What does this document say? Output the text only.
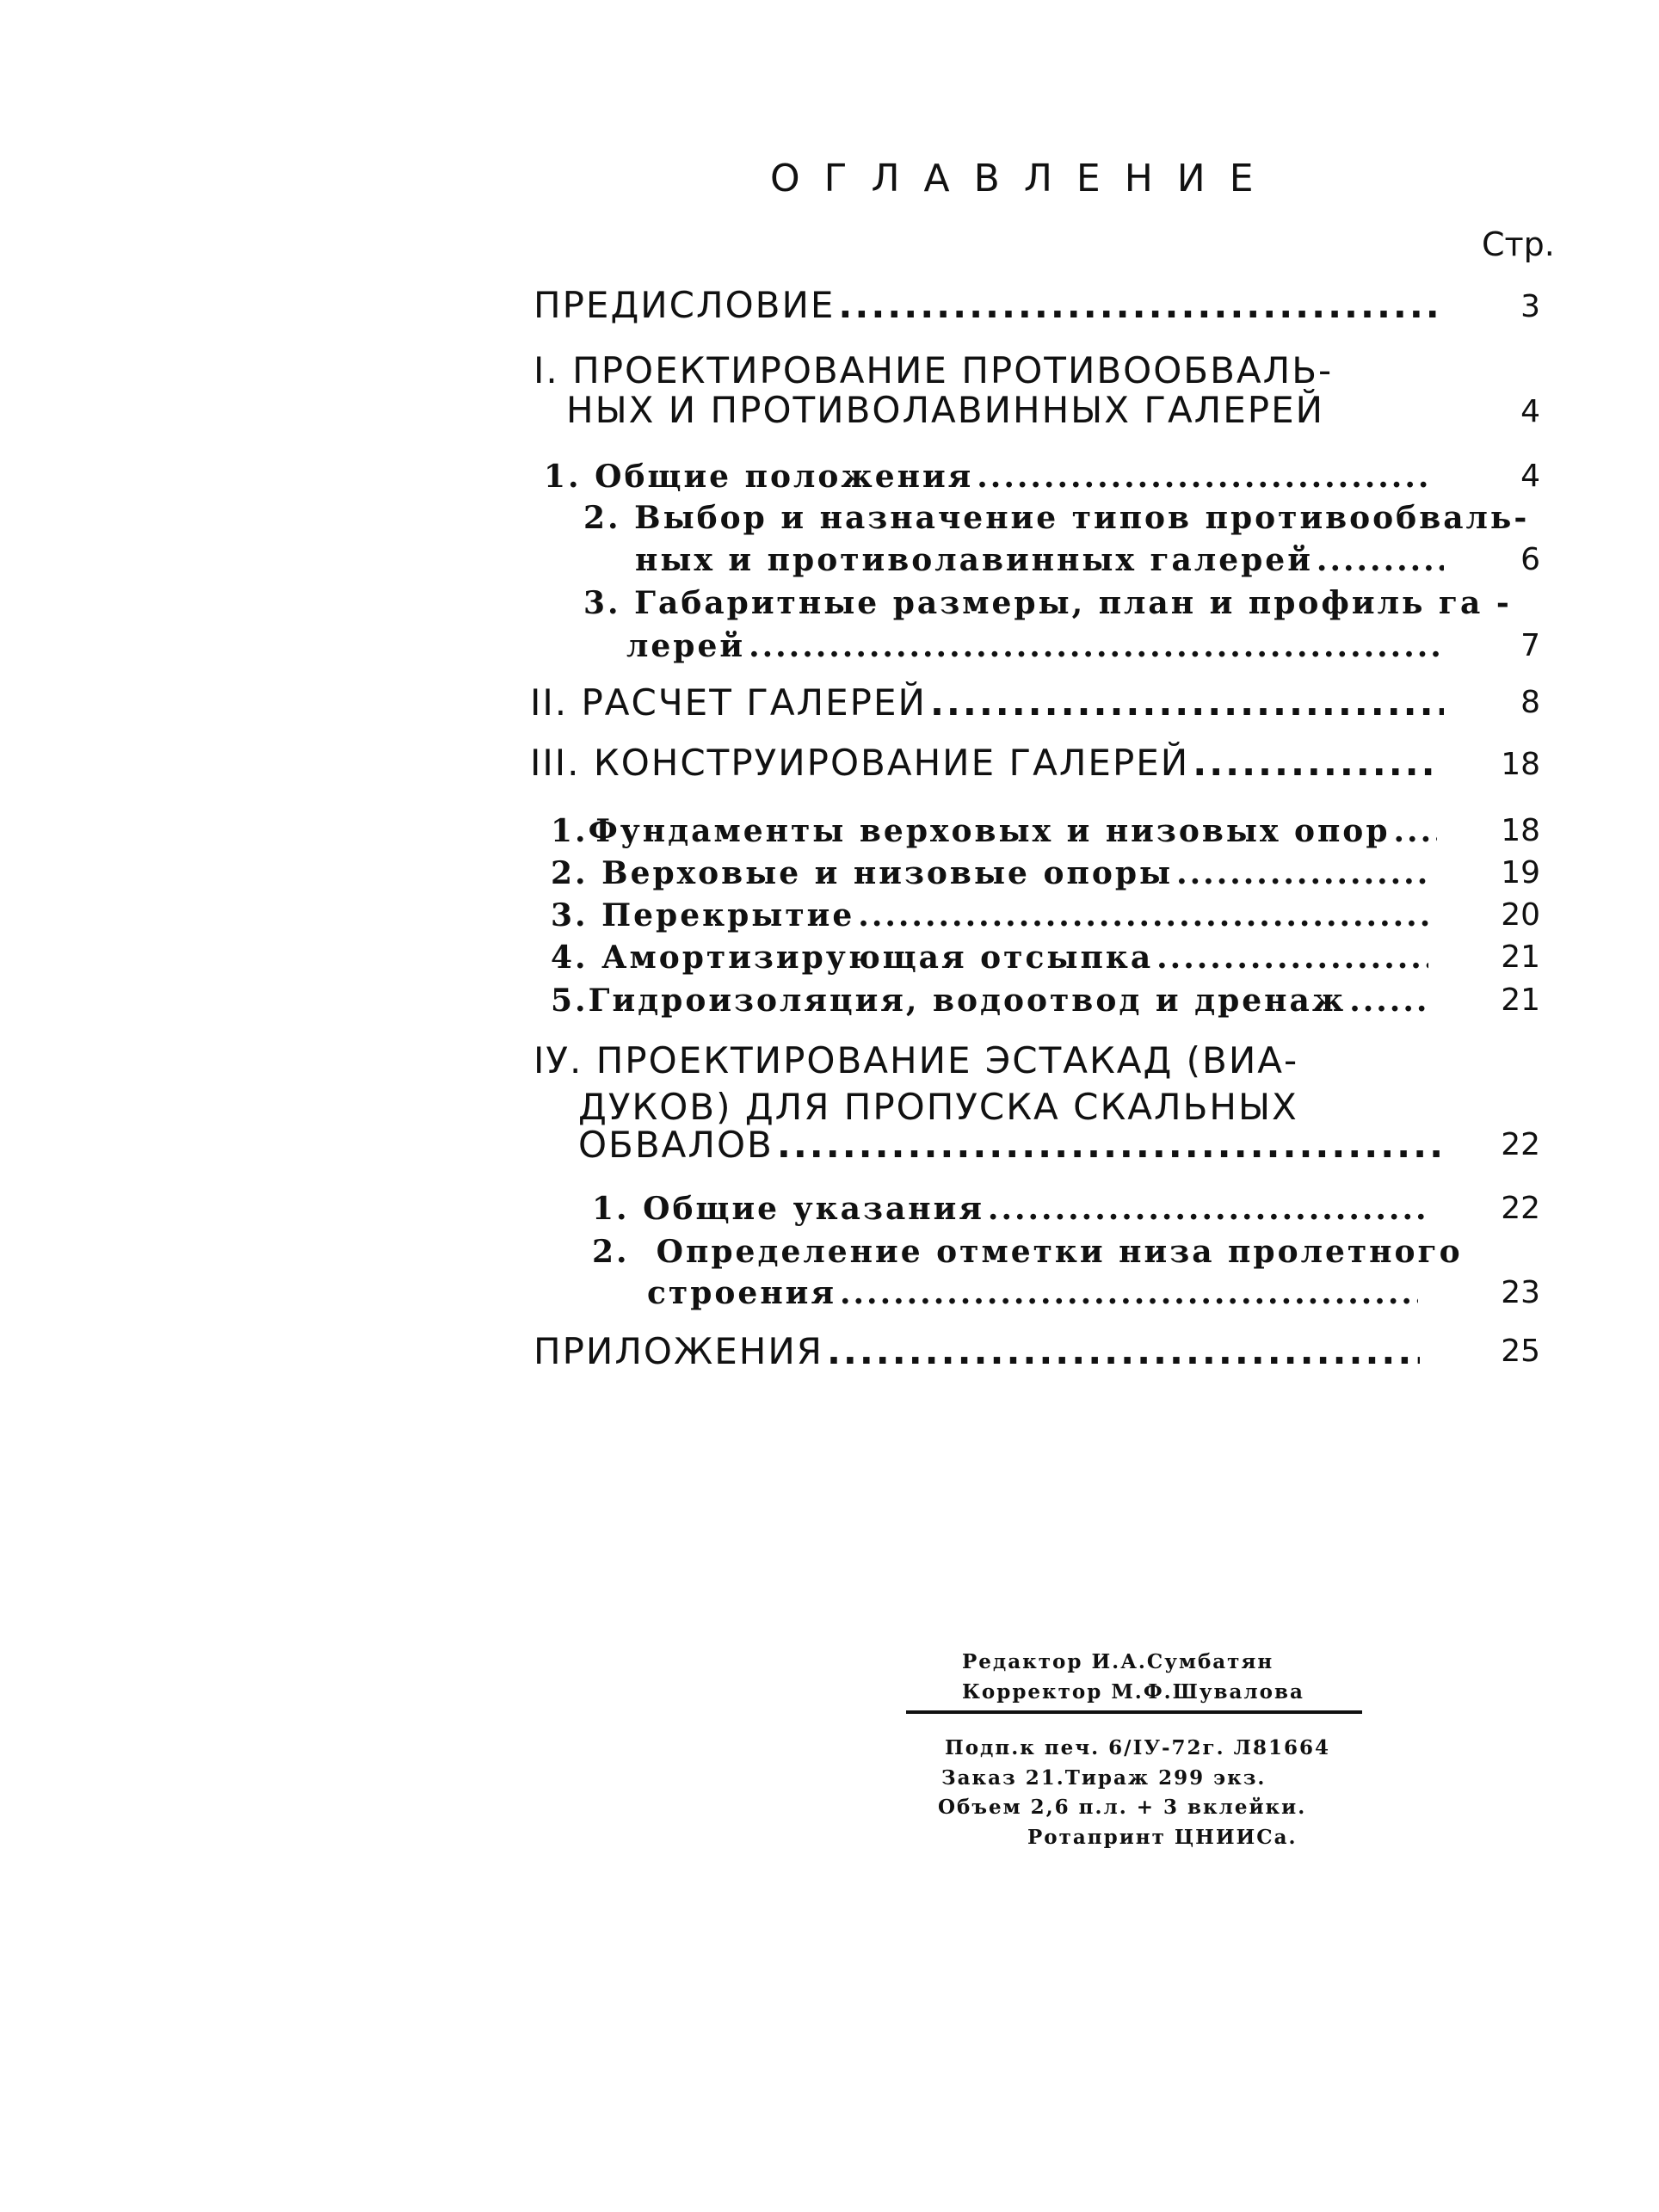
ОГЛАВЛЕНИЕ
Стр.
ПРЕДИСЛОВИЕ .....	3
I. ПРОЕКТИРОВАНИЕ ПРОТИВООБВАЛЬ-
НЫХ И ПРОТИВОЛАВИННЫХ ГАЛЕРЕЙ	4
1.
Общие положения .....	4
2. Выбор и назначение типов противообваль-
ных и противолавинных галерей .....	6
3. Габаритные размеры, план и профиль га -
лерей .....	7
II.
РАСЧЕТ ГАЛЕРЕЙ .....	8
III.
КОНСТРУИРОВАНИЕ ГАЛЕРЕЙ .....	18
1. Фундаменты верховых и низовых опор .....	18
2.
Верховые и низовые опоры .....	19
3.
Перекрытие .....	20
4.
Амортизирующая отсыпка .....	21
5. Гидроизоляция, водоотвод и дренаж .....	21
IУ. ПРОЕКТИРОВАНИЕ ЭСТАКАД (ВИА-
ДУКОВ) ДЛЯ ПРОПУСКА СКАЛЬНЫХ
ОБВАЛОВ .....	22
1.
Общие указания .....	22
2. Определение отметки низа пролетного
строения .....	23
ПРИЛОЖЕНИЯ .....	25
Редактор И.А.Сумбатян
Корректор М.Ф.Шувалова
Подп.к печ. 6/IУ-72г. Л81664
Заказ 21.Тираж 299 экз.
Объем 2,6 п.л. + 3 вклейки.
Ротапринт ЦНИИСа.
